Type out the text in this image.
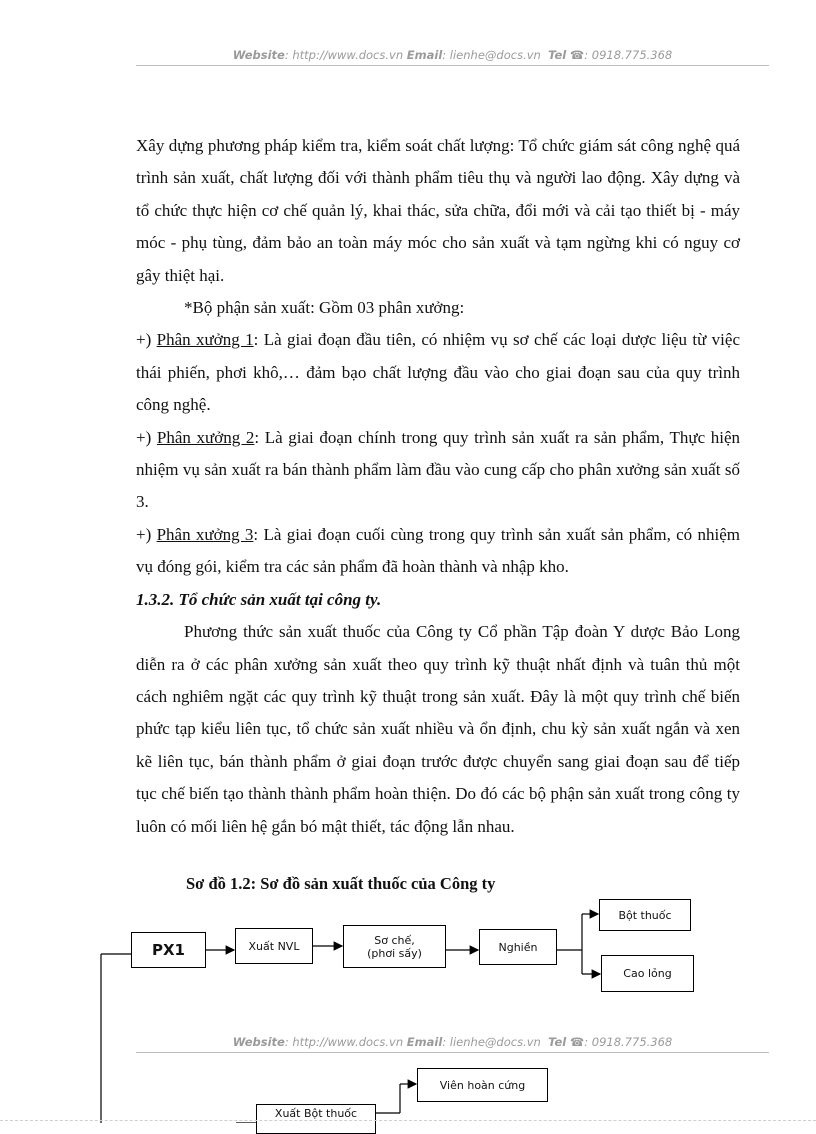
Website: http://www.docs.vn Email: lienhe@docs.vn Tel ☎: 0918.775.368

Xây dựng phương pháp kiểm tra, kiểm soát chất lượng: Tổ chức giám sát công nghệ quá trình sản xuất, chất lượng đối với thành phẩm tiêu thụ và người lao động. Xây dựng và tổ chức thực hiện cơ chế quản lý, khai thác, sửa chữa, đổi mới và cải tạo thiết bị - máy móc - phụ tùng, đảm bảo an toàn máy móc cho sản xuất và tạm ngừng khi có nguy cơ gây thiệt hại.

*Bộ phận sản xuất: Gồm 03 phân xưởng:

+) Phân xưởng 1: Là giai đoạn đầu tiên, có nhiệm vụ sơ chế các loại dược liệu từ việc thái phiến, phơi khô,… đảm bạo chất lượng đầu vào cho giai đoạn sau của quy trình công nghệ.

+) Phân xưởng 2: Là giai đoạn chính trong quy trình sản xuất ra sản phẩm, Thực hiện nhiệm vụ sản xuất ra bán thành phẩm làm đầu vào cung cấp cho phân xưởng sản xuất số 3.

+) Phân xưởng 3: Là giai đoạn cuối cùng trong quy trình sản xuất sản phẩm, có nhiệm vụ đóng gói, kiểm tra các sản phẩm đã hoàn thành và nhập kho.

1.3.2. Tổ chức sản xuất tại công ty.

Phương thức sản xuất thuốc của Công ty Cổ phần Tập đoàn Y dược Bảo Long diễn ra ở các phân xưởng sản xuất theo quy trình kỹ thuật nhất định và tuân thủ một cách nghiêm ngặt các quy trình kỹ thuật trong sản xuất. Đây là một quy trình chế biến phức tạp kiểu liên tục, tổ chức sản xuất nhiều và ổn định, chu kỳ sản xuất ngắn và xen kẽ liên tục, bán thành phẩm ở giai đoạn trước được chuyển sang giai đoạn sau để tiếp tục chế biến tạo thành thành phẩm hoàn thiện. Do đó các bộ phận sản xuất trong công ty luôn có mối liên hệ gắn bó mật thiết, tác động lẫn nhau.

Sơ đồ 1.2: Sơ đồ sản xuất thuốc của Công ty
PX1	Xuất NVL	Sơ chế,
(phơi sấy)	Nghiền
Bột thuốc
Cao lỏng
Website: http://www.docs.vn Email: lienhe@docs.vn Tel ☎: 0918.775.368
Viên hoàn cứng
Xuất Bột thuốc
